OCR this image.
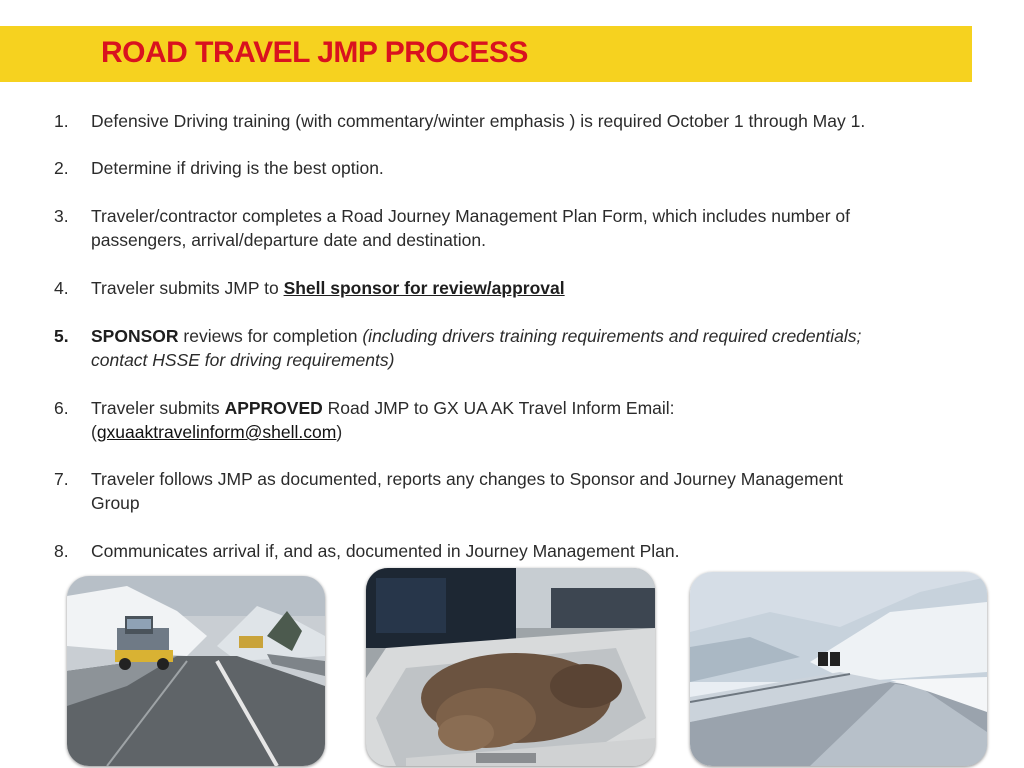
ROAD TRAVEL JMP PROCESS
1. Defensive Driving training (with commentary/winter emphasis ) is required October 1 through May 1.
2. Determine if driving is the best option.
3. Traveler/contractor completes a Road Journey Management Plan Form, which includes number of
passengers, arrival/departure date and destination.
4. Traveler submits JMP to Shell sponsor for review/approval
5. SPONSOR reviews for completion (including drivers training requirements and required credentials;
contact HSSE for driving requirements)
6. Traveler submits APPROVED Road JMP to GX UA AK Travel Inform Email:
(gxuaaktravelinform@shell.com)
7. Traveler follows JMP as documented, reports any changes to Sponsor and Journey Management
Group
8. Communicates arrival if, and as, documented in Journey Management Plan.
